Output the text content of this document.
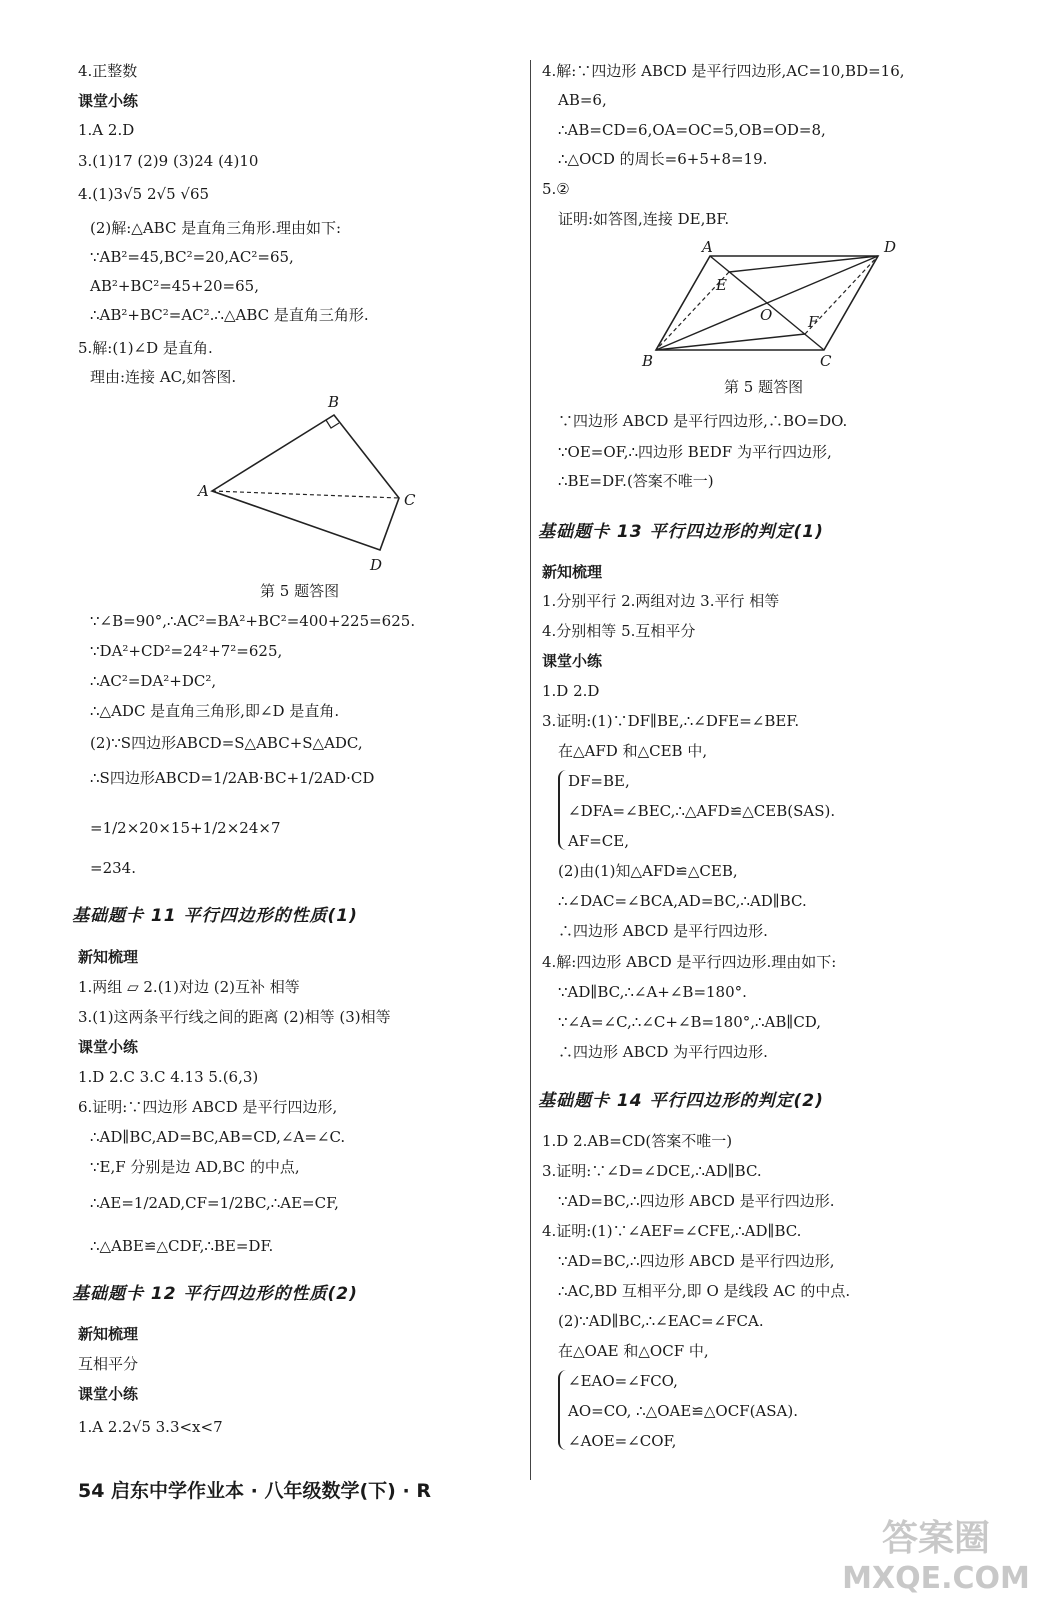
4.正整数
课堂小练
1.A 2.D
3.(1)17 (2)9 (3)24 (4)10
4.(1)3√5 2√5 √65
(2)解:△ABC 是直角三角形.理由如下:
∵AB²=45,BC²=20,AC²=65,
AB²+BC²=45+20=65,
∴AB²+BC²=AC².∴△ABC 是直角三角形.
5.解:(1)∠D 是直角.
理由:连接 AC,如答图.
A
B
C
D
第 5 题答图
∵∠B=90°,∴AC²=BA²+BC²=400+225=625.
∵DA²+CD²=24²+7²=625,
∴AC²=DA²+DC²,
∴△ADC 是直角三角形,即∠D 是直角.
(2)∵S四边形ABCD=S△ABC+S△ADC,
∴S四边形ABCD=1/2AB·BC+1/2AD·CD
=1/2×20×15+1/2×24×7
=234.
基础题卡 11 平行四边形的性质(1)
新知梳理
1.两组 ▱ 2.(1)对边 (2)互补 相等
3.(1)这两条平行线之间的距离 (2)相等 (3)相等
课堂小练
1.D 2.C 3.C 4.13 5.(6,3)
6.证明:∵四边形 ABCD 是平行四边形,
∴AD∥BC,AD=BC,AB=CD,∠A=∠C.
∵E,F 分别是边 AD,BC 的中点,
∴AE=1/2AD,CF=1/2BC,∴AE=CF,
∴△ABE≌△CDF,∴BE=DF.
基础题卡 12 平行四边形的性质(2)
新知梳理
互相平分
课堂小练
1.A 2.2√5 3.3<x<7
4.解:∵四边形 ABCD 是平行四边形,AC=10,BD=16,
AB=6,
∴AB=CD=6,OA=OC=5,OB=OD=8,
∴△OCD 的周长=6+5+8=19.
5.②
证明:如答图,连接 DE,BF.
A	D
E
O F
B	C
第 5 题答图
∵四边形 ABCD 是平行四边形,∴BO=DO.
∵OE=OF,∴四边形 BEDF 为平行四边形,
∴BE=DF.(答案不唯一)
基础题卡 13 平行四边形的判定(1)
新知梳理
1.分别平行 2.两组对边 3.平行 相等
4.分别相等 5.互相平分
课堂小练
1.D 2.D
3.证明:(1)∵DF∥BE,∴∠DFE=∠BEF.
在△AFD 和△CEB 中,
DF=BE,
∠DFA=∠BEC,∴△AFD≌△CEB(SAS).
AF=CE,
(2)由(1)知△AFD≌△CEB,
∴∠DAC=∠BCA,AD=BC,∴AD∥BC.
∴四边形 ABCD 是平行四边形.
4.解:四边形 ABCD 是平行四边形.理由如下:
∵AD∥BC,∴∠A+∠B=180°.
∵∠A=∠C,∴∠C+∠B=180°,∴AB∥CD,
∴四边形 ABCD 为平行四边形.
基础题卡 14 平行四边形的判定(2)
1.D 2.AB=CD(答案不唯一)
3.证明:∵∠D=∠DCE,∴AD∥BC.
∵AD=BC,∴四边形 ABCD 是平行四边形.
4.证明:(1)∵∠AEF=∠CFE,∴AD∥BC.
∵AD=BC,∴四边形 ABCD 是平行四边形,
∴AC,BD 互相平分,即 O 是线段 AC 的中点.
(2)∵AD∥BC,∴∠EAC=∠FCA.
在△OAE 和△OCF 中,
∠EAO=∠FCO,
AO=CO, ∴△OAE≌△OCF(ASA).
∠AOE=∠COF,
54 启东中学作业本 · 八年级数学(下) · R
答案圈
MXQE.COM
